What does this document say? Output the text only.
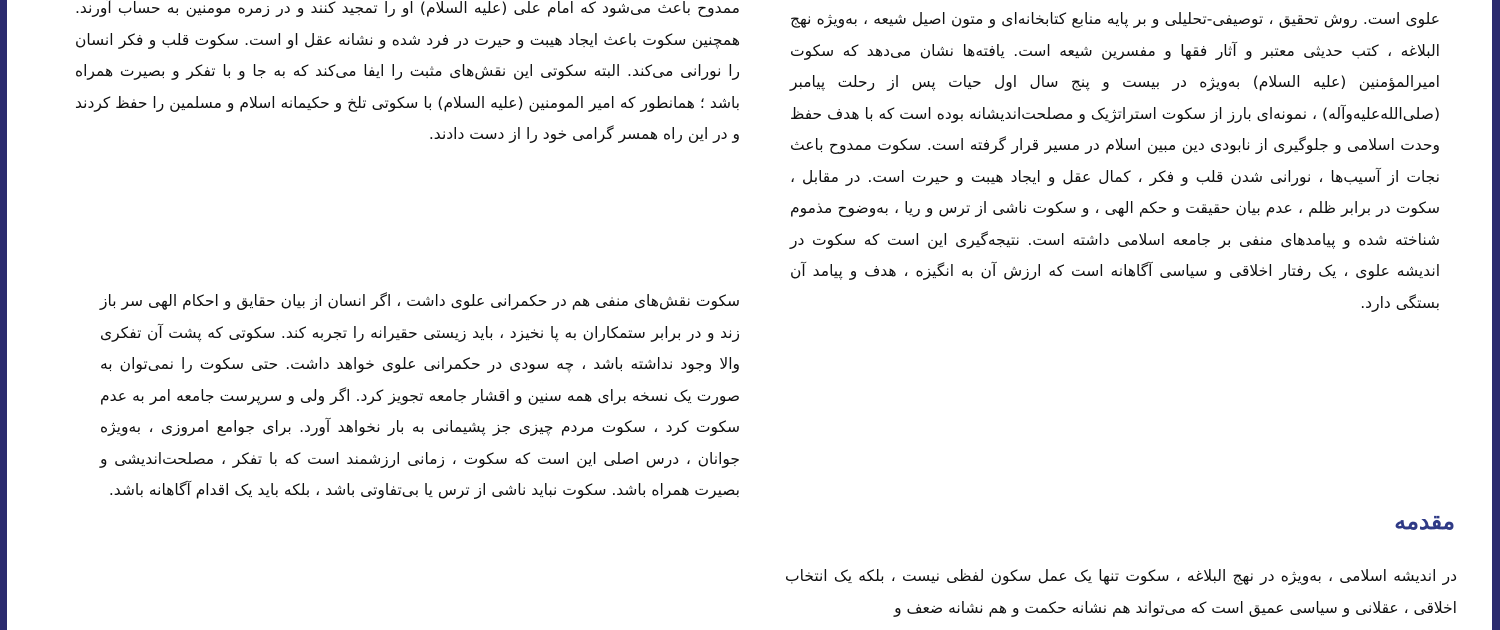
ممدوح باعث می‌شود که امام علی (علیه السلام) او را تمجید کنند و در زمره مومنین به حساب آورند. همچنین سکوت باعث ایجاد هیبت و حیرت در فرد شده و نشانه عقل او است. سکوت قلب و فکر انسان را نورانی می‌کند. البته سکوتی این نقش‌های مثبت را ایفا می‌کند که به جا و با تفکر و بصیرت همراه باشد ؛ همانطور که امیر المومنین (علیه السلام) با سکوتی تلخ و حکیمانه اسلام و مسلمین را حفظ کردند و در این راه همسر گرامی خود را از دست دادند.

سکوت نقش‌های منفی هم در حکمرانی علوی داشت ، اگر انسان از بیان حقایق و احکام الهی سر باز زند و در برابر ستمکاران به پا نخیزد ، باید زیستی حقیرانه را تجربه کند. سکوتی که پشت آن تفکری والا وجود نداشته باشد ، چه سودی در حکمرانی علوی خواهد داشت. حتی سکوت را نمی‌توان به صورت یک نسخه برای همه سنین و اقشار جامعه تجویز کرد. اگر ولی و سرپرست جامعه امر به عدم سکوت کرد ، سکوت مردم چیزی جز پشیمانی به بار نخواهد آورد. برای جوامع امروزی ، به‌ویژه جوانان ، درس اصلی این است که سکوت ، زمانی ارزشمند است که با تفکر ، مصلحت‌اندیشی و بصیرت همراه باشد. سکوت نباید ناشی از ترس یا بی‌تفاوتی باشد ، بلکه باید یک اقدام آگاهانه باشد.

علوی است. روش تحقیق ، توصیفی-تحلیلی و بر پایه منابع کتابخانه‌ای و متون اصیل شیعه ، به‌ویژه نهج البلاغه ، کتب حدیثی معتبر و آثار فقها و مفسرین شیعه است. یافته‌ها نشان می‌دهد که سکوت امیرالمؤمنین (علیه السلام) به‌ویژه در بیست و پنج سال اول حیات پس از رحلت پیامبر (صلی‌الله‌علیه‌وآله) ، نمونه‌ای بارز از سکوت استراتژیک و مصلحت‌اندیشانه بوده است که با هدف حفظ وحدت اسلامی و جلوگیری از نابودی دین مبین اسلام در مسیر قرار گرفته است. سکوت ممدوح باعث نجات از آسیب‌ها ، نورانی شدن قلب و فکر ، کمال عقل و ایجاد هیبت و حیرت است. در مقابل ، سکوت در برابر ظلم ، عدم بیان حقیقت و حکم الهی ، و سکوت ناشی از ترس و ریا ، به‌وضوح مذموم شناخته شده و پیامدهای منفی بر جامعه اسلامی داشته است. نتیجه‌گیری این است که سکوت در اندیشه علوی ، یک رفتار اخلاقی و سیاسی آگاهانه است که ارزش آن به انگیزه ، هدف و پیامد آن بستگی دارد.

مقدمه

در اندیشه اسلامی ، به‌ویژه در نهج البلاغه ، سکوت تنها یک عمل سکون لفظی نیست ، بلکه یک انتخاب اخلاقی ، عقلانی و سیاسی عمیق است که می‌تواند هم نشانه حکمت و هم نشانه ضعف و
